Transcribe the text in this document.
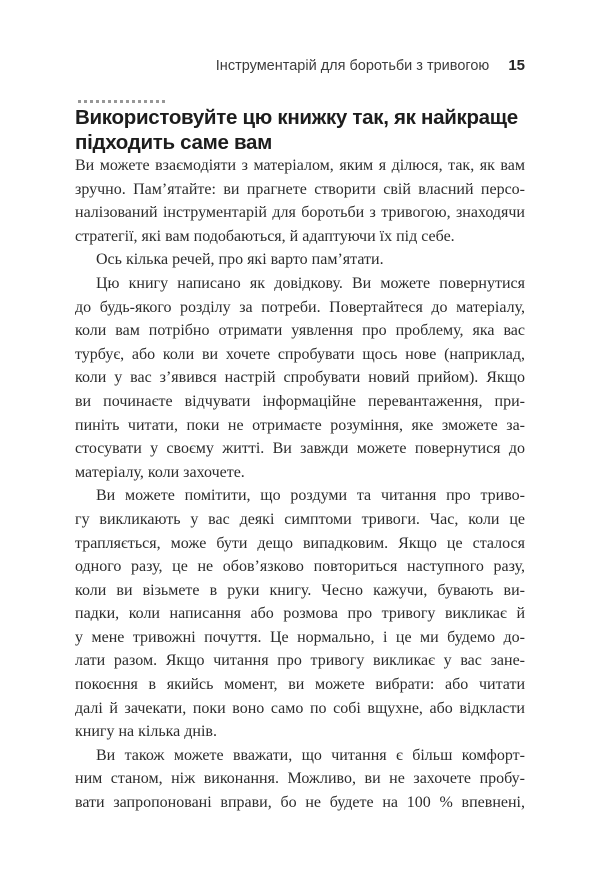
Інструментарій для боротьби з тривогою 15
Використовуйте цю книжку так, як найкраще
підходить саме вам
Ви можете взаємодіяти з матеріалом, яким я ділюся, так, як вам
зручно. Пам’ятайте: ви прагнете створити свій власний персо-
налізований інструментарій для боротьби з тривогою, знаходячи
стратегії, які вам подобаються, й адаптуючи їх під себе.
Ось кілька речей, про які варто пам’ятати.
Цю книгу написано як довідкову. Ви можете повернутися
до будь-якого розділу за потреби. Повертайтеся до матеріалу,
коли вам потрібно отримати уявлення про проблему, яка вас
турбує, або коли ви хочете спробувати щось нове (наприклад,
коли у вас з’явився настрій спробувати новий прийом). Якщо
ви починаєте відчувати інформаційне перевантаження, при-
пиніть читати, поки не отримаєте розуміння, яке зможете за-
стосувати у своєму житті. Ви завжди можете повернутися до
матеріалу, коли захочете.
Ви можете помітити, що роздуми та читання про триво-
гу викликають у вас деякі симптоми тривоги. Час, коли це
трапляється, може бути дещо випадковим. Якщо це сталося
одного разу, це не обов’язково повториться наступного разу,
коли ви візьмете в руки книгу. Чесно кажучи, бувають ви-
падки, коли написання або розмова про тривогу викликає й
у мене тривожні почуття. Це нормально, і це ми будемо до-
лати разом. Якщо читання про тривогу викликає у вас зане-
покоєння в якийсь момент, ви можете вибрати: або читати
далі й зачекати, поки воно само по собі вщухне, або відкласти
книгу на кілька днів.
Ви також можете вважати, що читання є більш комфорт-
ним станом, ніж виконання. Можливо, ви не захочете пробу-
вати запропоновані вправи, бо не будете на 100 % впевнені,
